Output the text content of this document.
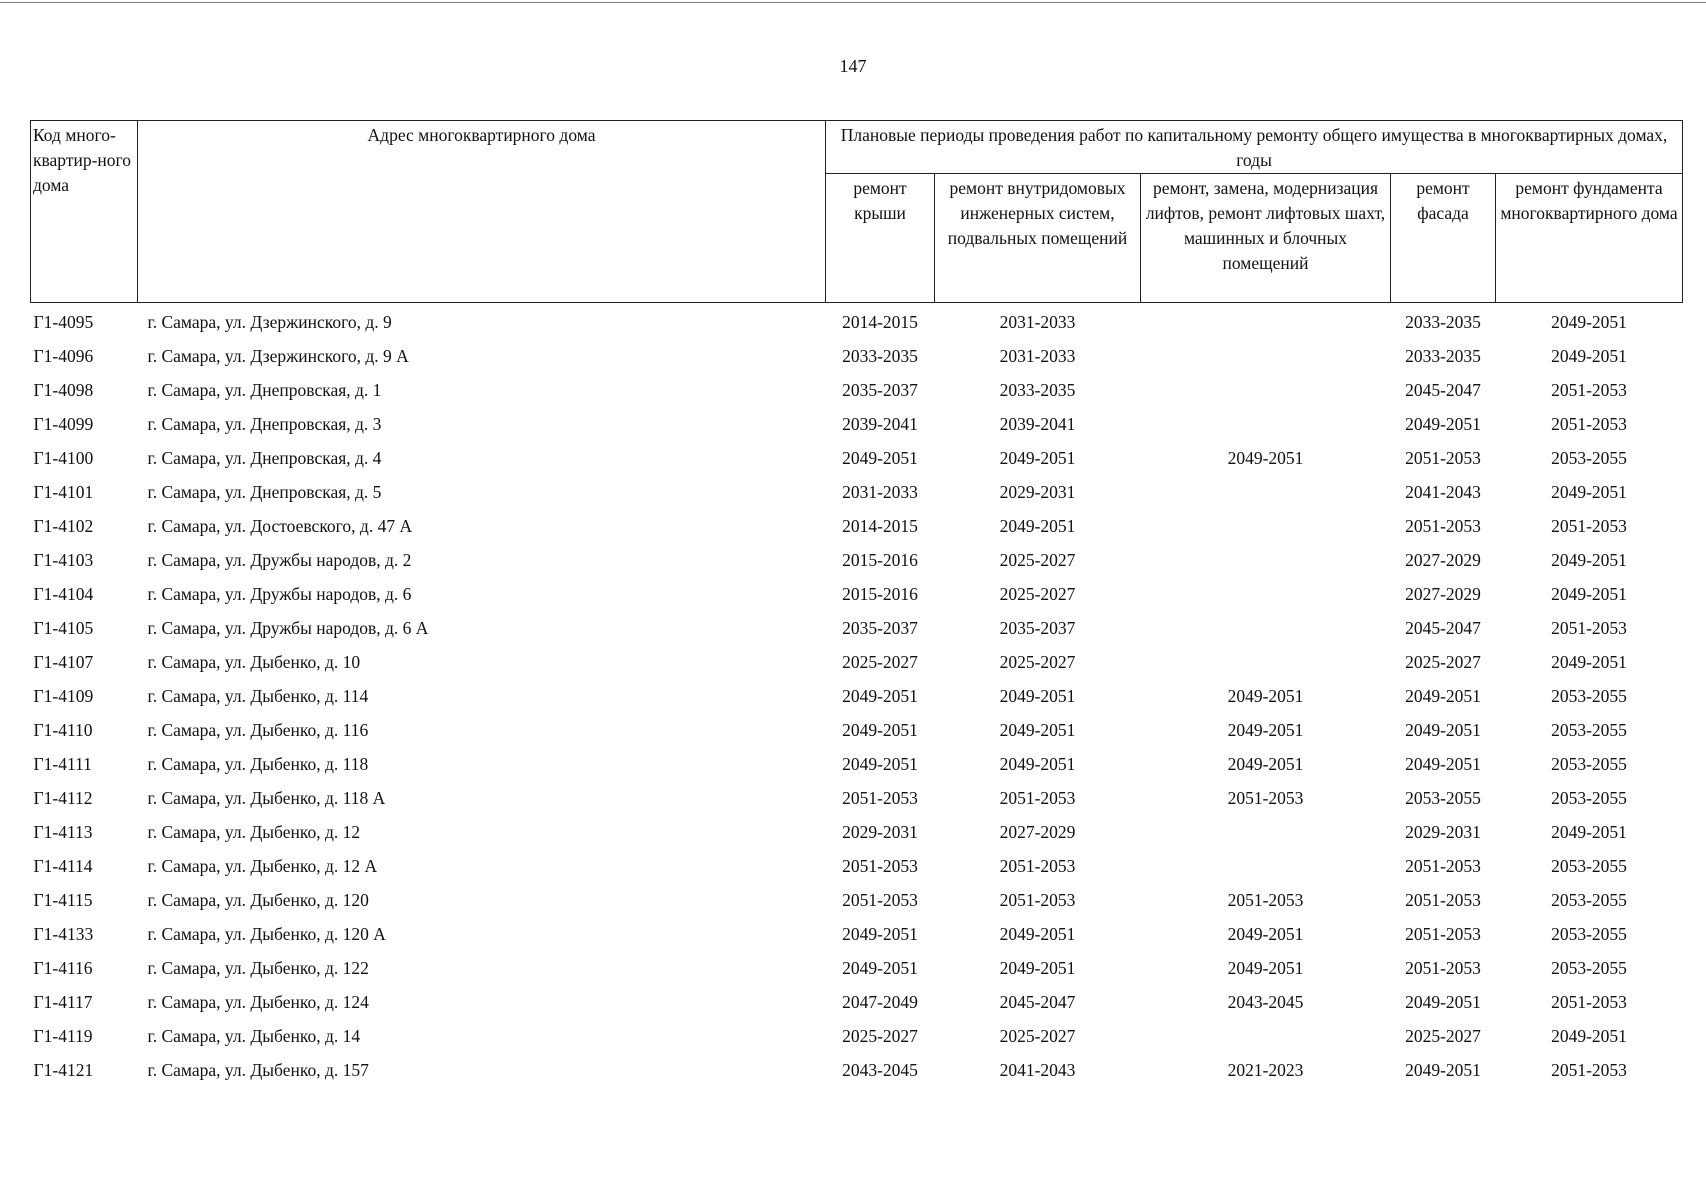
147
Код много-квартир-ного дома	Адрес многоквартирного дома	Плановые периоды проведения работ по капитальному ремонту общего имущества в многоквартирных домах, годы				
		ремонт крыши	ремонт внутридомовых инженерных систем, подвальных помещений	ремонт, замена, модернизация лифтов, ремонт лифтовых шахт, машинных и блочных помещений	ремонт фасада	ремонт фундамента многоквартирного дома
Г1-4095	г. Самара, ул. Дзержинского, д. 9	2014-2015	2031-2033		2033-2035	2049-2051
Г1-4096	г. Самара, ул. Дзержинского, д. 9 А	2033-2035	2031-2033		2033-2035	2049-2051
Г1-4098	г. Самара, ул. Днепровская, д. 1	2035-2037	2033-2035		2045-2047	2051-2053
Г1-4099	г. Самара, ул. Днепровская, д. 3	2039-2041	2039-2041		2049-2051	2051-2053
Г1-4100	г. Самара, ул. Днепровская, д. 4	2049-2051	2049-2051	2049-2051	2051-2053	2053-2055
Г1-4101	г. Самара, ул. Днепровская, д. 5	2031-2033	2029-2031		2041-2043	2049-2051
Г1-4102	г. Самара, ул. Достоевского, д. 47 А	2014-2015	2049-2051		2051-2053	2051-2053
Г1-4103	г. Самара, ул. Дружбы народов, д. 2	2015-2016	2025-2027		2027-2029	2049-2051
Г1-4104	г. Самара, ул. Дружбы народов, д. 6	2015-2016	2025-2027		2027-2029	2049-2051
Г1-4105	г. Самара, ул. Дружбы народов, д. 6 А	2035-2037	2035-2037		2045-2047	2051-2053
Г1-4107	г. Самара, ул. Дыбенко, д. 10	2025-2027	2025-2027		2025-2027	2049-2051
Г1-4109	г. Самара, ул. Дыбенко, д. 114	2049-2051	2049-2051	2049-2051	2049-2051	2053-2055
Г1-4110	г. Самара, ул. Дыбенко, д. 116	2049-2051	2049-2051	2049-2051	2049-2051	2053-2055
Г1-4111	г. Самара, ул. Дыбенко, д. 118	2049-2051	2049-2051	2049-2051	2049-2051	2053-2055
Г1-4112	г. Самара, ул. Дыбенко, д. 118 А	2051-2053	2051-2053	2051-2053	2053-2055	2053-2055
Г1-4113	г. Самара, ул. Дыбенко, д. 12	2029-2031	2027-2029		2029-2031	2049-2051
Г1-4114	г. Самара, ул. Дыбенко, д. 12 А	2051-2053	2051-2053		2051-2053	2053-2055
Г1-4115	г. Самара, ул. Дыбенко, д. 120	2051-2053	2051-2053	2051-2053	2051-2053	2053-2055
Г1-4133	г. Самара, ул. Дыбенко, д. 120 А	2049-2051	2049-2051	2049-2051	2051-2053	2053-2055
Г1-4116	г. Самара, ул. Дыбенко, д. 122	2049-2051	2049-2051	2049-2051	2051-2053	2053-2055
Г1-4117	г. Самара, ул. Дыбенко, д. 124	2047-2049	2045-2047	2043-2045	2049-2051	2051-2053
Г1-4119	г. Самара, ул. Дыбенко, д. 14	2025-2027	2025-2027		2025-2027	2049-2051
Г1-4121	г. Самара, ул. Дыбенко, д. 157	2043-2045	2041-2043	2021-2023	2049-2051	2051-2053
